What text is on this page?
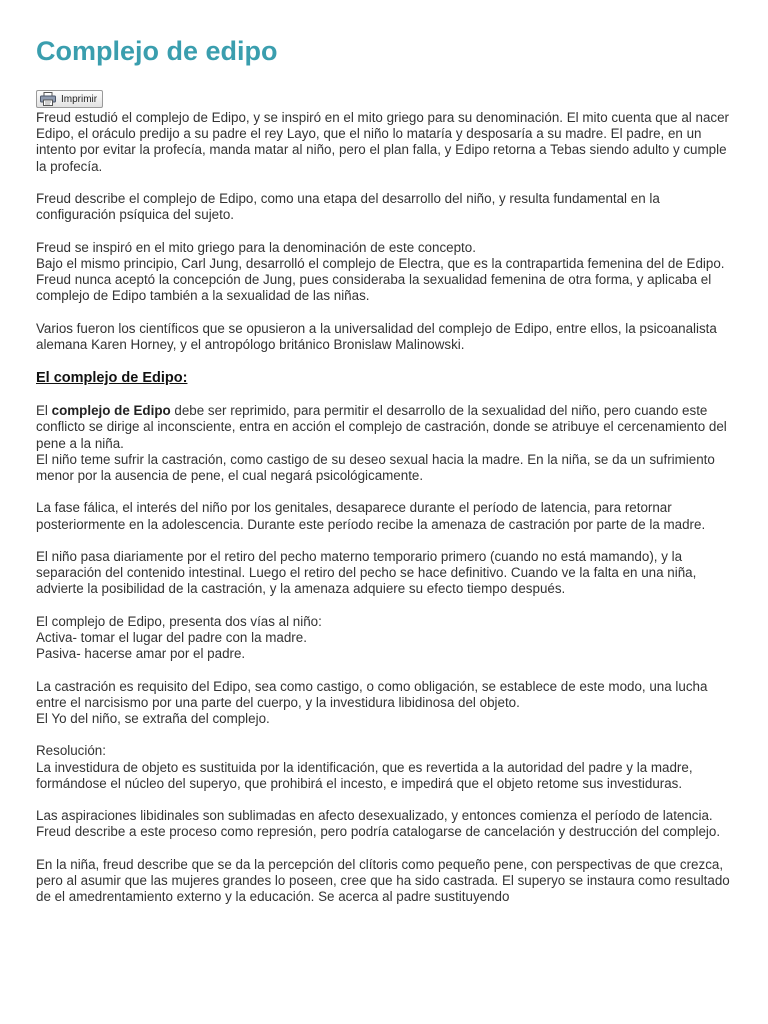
Complejo de edipo
Imprimir

Freud estudió el complejo de Edipo, y se inspiró en el mito griego para su denominación. El mito cuenta que al nacer Edipo, el oráculo predijo a su padre el rey Layo, que el niño lo mataría y desposaría a su madre. El padre, en un intento por evitar la profecía, manda matar al niño, pero el plan falla, y Edipo retorna a Tebas siendo adulto y cumple la profecía.

Freud describe el complejo de Edipo, como una etapa del desarrollo del niño, y resulta fundamental en la configuración psíquica del sujeto.

Freud se inspiró en el mito griego para la denominación de este concepto.
Bajo el mismo principio, Carl Jung, desarrolló el complejo de Electra, que es la contrapartida femenina del de Edipo. Freud nunca aceptó la concepción de Jung, pues consideraba la sexualidad femenina de otra forma, y aplicaba el complejo de Edipo también a la sexualidad de las niñas.

Varios fueron los científicos que se opusieron a la universalidad del complejo de Edipo, entre ellos, la psicoanalista alemana Karen Horney, y el antropólogo británico Bronislaw Malinowski.

El complejo de Edipo:

El complejo de Edipo debe ser reprimido, para permitir el desarrollo de la sexualidad del niño, pero cuando este conflicto se dirige al inconsciente, entra en acción el complejo de castración, donde se atribuye el cercenamiento del pene a la niña.
El niño teme sufrir la castración, como castigo de su deseo sexual hacia la madre. En la niña, se da un sufrimiento menor por la ausencia de pene, el cual negará psicológicamente.

La fase fálica, el interés del niño por los genitales, desaparece durante el período de latencia, para retornar posteriormente en la adolescencia. Durante este período recibe la amenaza de castración por parte de la madre.

El niño pasa diariamente por el retiro del pecho materno temporario primero (cuando no está mamando), y la separación del contenido intestinal. Luego el retiro del pecho se hace definitivo. Cuando ve la falta en una niña, advierte la posibilidad de la castración, y la amenaza adquiere su efecto tiempo después.

El complejo de Edipo, presenta dos vías al niño:
Activa- tomar el lugar del padre con la madre.
Pasiva- hacerse amar por el padre.

La castración es requisito del Edipo, sea como castigo, o como obligación, se establece de este modo, una lucha entre el narcisismo por una parte del cuerpo, y la investidura libidinosa del objeto.
El Yo del niño, se extraña del complejo.

Resolución:
La investidura de objeto es sustituida por la identificación, que es revertida a la autoridad del padre y la madre, formándose el núcleo del superyo, que prohibirá el incesto, e impedirá que el objeto retome sus investiduras.

Las aspiraciones libidinales son sublimadas en afecto desexualizado, y entonces comienza el período de latencia. Freud describe a este proceso como represión, pero podría catalogarse de cancelación y destrucción del complejo.

En la niña, freud describe que se da la percepción del clítoris como pequeño pene, con perspectivas de que crezca, pero al asumir que las mujeres grandes lo poseen, cree que ha sido castrada. El superyo se instaura como resultado de el amedrentamiento externo y la educación. Se acerca al padre sustituyendo
